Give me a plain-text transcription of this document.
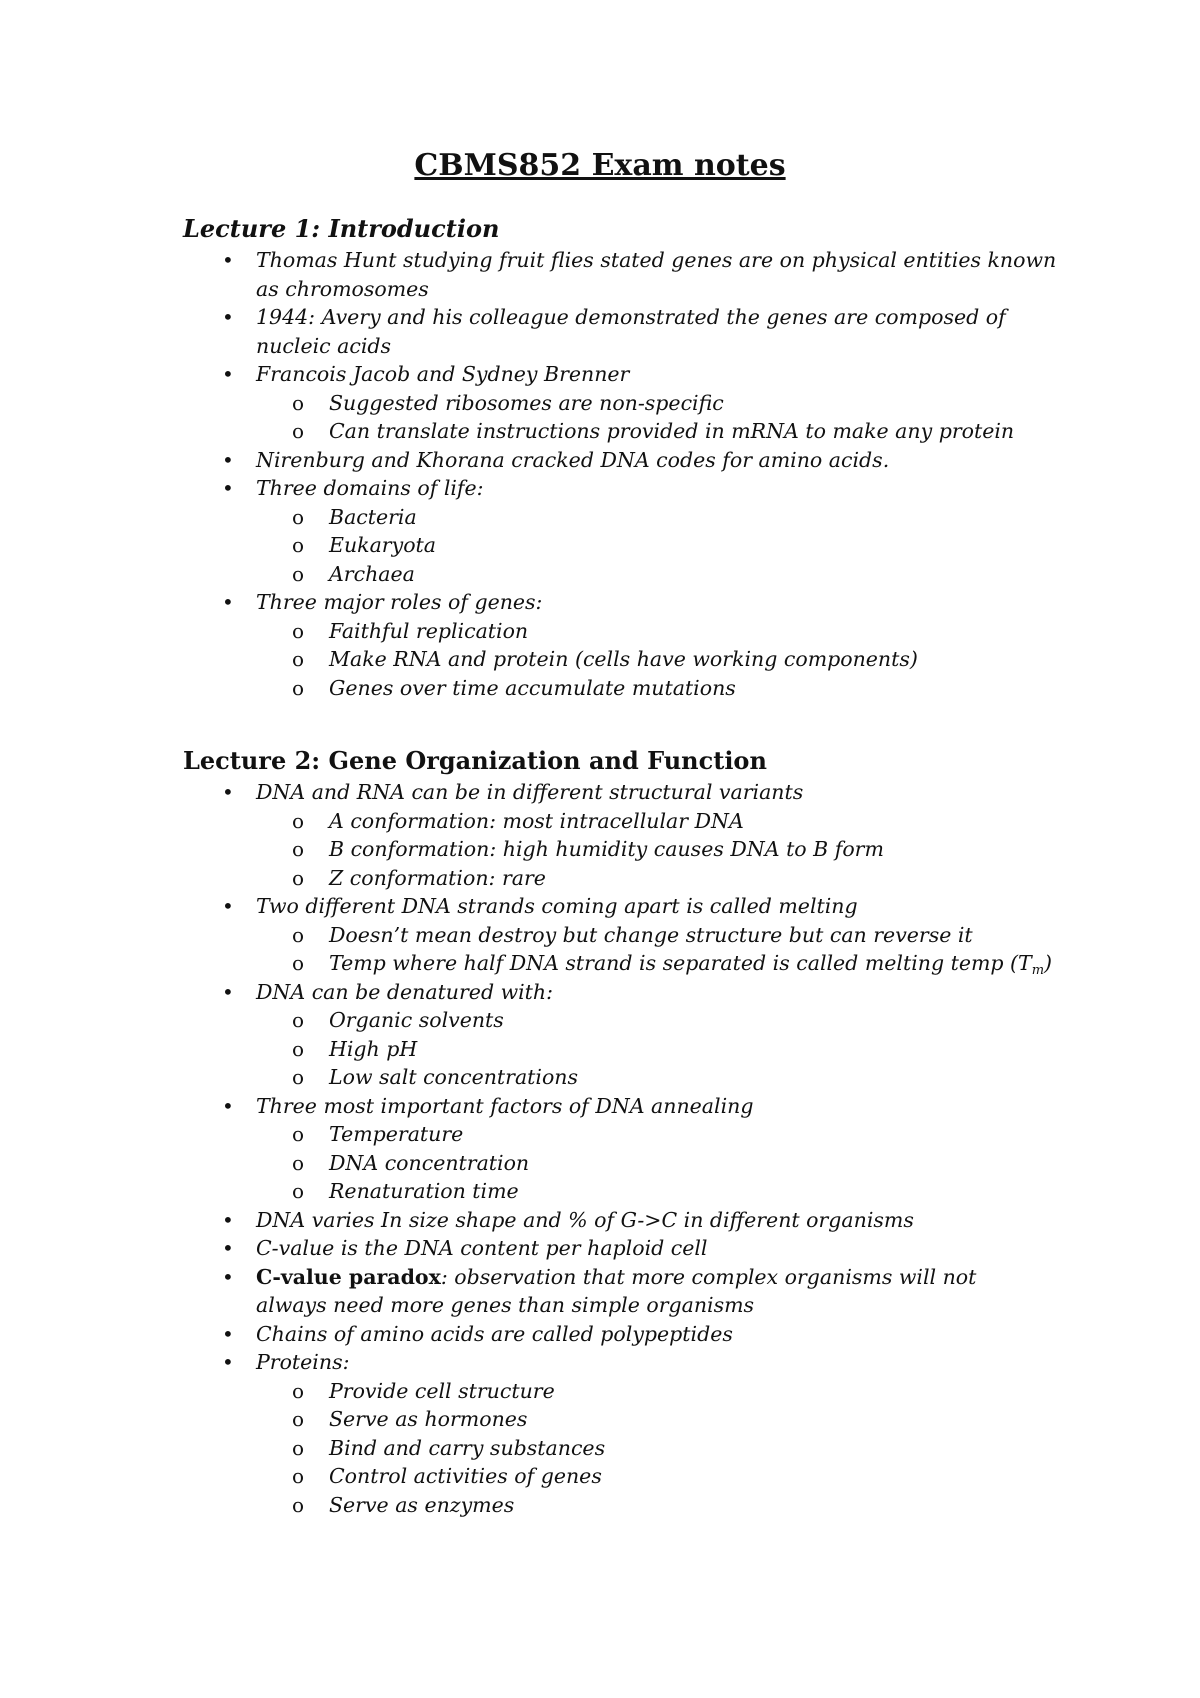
CBMS852 Exam notes
Lecture 1: Introduction

• Thomas Hunt studying fruit flies stated genes are on physical entities known

as chromosomes

• 1944: Avery and his colleague demonstrated the genes are composed of

nucleic acids

• Francois Jacob and Sydney Brenner

o Suggested ribosomes are non-specific

o Can translate instructions provided in mRNA to make any protein

• Nirenburg and Khorana cracked DNA codes for amino acids.

• Three domains of life:

o Bacteria

o Eukaryota

o Archaea

• Three major roles of genes:

o Faithful replication

o Make RNA and protein (cells have working components)

o Genes over time accumulate mutations

Lecture 2: Gene Organization and Function

• DNA and RNA can be in different structural variants

o A conformation: most intracellular DNA

o B conformation: high humidity causes DNA to B form

o Z conformation: rare

• Two different DNA strands coming apart is called melting

o Doesn’t mean destroy but change structure but can reverse it

o Temp where half DNA strand is separated is called melting temp $(T_m)$

• DNA can be denatured with:

o Organic solvents

o High pH

o Low salt concentrations

• Three most important factors of DNA annealing

o Temperature

o DNA concentration

o Renaturation time

• DNA varies In size shape and % of G->C in different organisms

• C-value is the DNA content per haploid cell

• C-value paradox: observation that more complex organisms will not

always need more genes than simple organisms

• Chains of amino acids are called polypeptides

• Proteins:

o Provide cell structure

o Serve as hormones

o Bind and carry substances

o Control activities of genes

o Serve as enzymes
